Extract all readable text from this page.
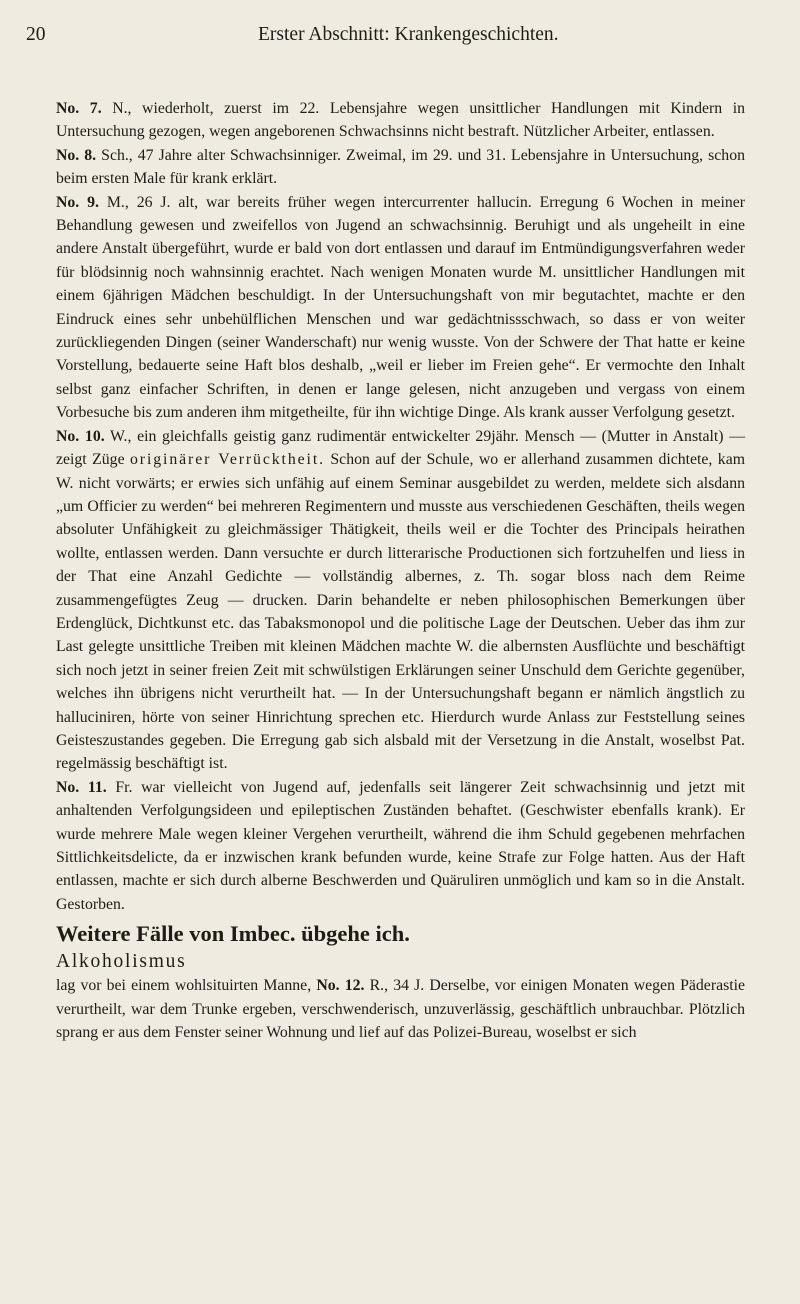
20	Erster Abschnitt: Krankengeschichten.

No. 7. N., wiederholt, zuerst im 22. Lebensjahre wegen unsittlicher Handlungen mit Kindern in Untersuchung gezogen, wegen angeborenen Schwachsinns nicht bestraft. Nützlicher Arbeiter, entlassen.

No. 8. Sch., 47 Jahre alter Schwachsinniger. Zweimal, im 29. und 31. Lebensjahre in Untersuchung, schon beim ersten Male für krank erklärt.

No. 9. M., 26 J. alt, war bereits früher wegen intercurrenter hallucin. Erregung 6 Wochen in meiner Behandlung gewesen und zweifellos von Jugend an schwachsinnig. Beruhigt und als ungeheilt in eine andere Anstalt übergeführt, wurde er bald von dort entlassen und darauf im Entmündigungsverfahren weder für blödsinnig noch wahnsinnig erachtet. Nach wenigen Monaten wurde M. unsittlicher Handlungen mit einem 6jährigen Mädchen beschuldigt. In der Untersuchungshaft von mir begutachtet, machte er den Eindruck eines sehr unbehülflichen Menschen und war gedächtnissschwach, so dass er von weiter zurückliegenden Dingen (seiner Wanderschaft) nur wenig wusste. Von der Schwere der That hatte er keine Vorstellung, bedauerte seine Haft blos deshalb, „weil er lieber im Freien gehe“. Er vermochte den Inhalt selbst ganz einfacher Schriften, in denen er lange gelesen, nicht anzugeben und vergass von einem Vorbesuche bis zum anderen ihm mitgetheilte, für ihn wichtige Dinge. Als krank ausser Verfolgung gesetzt.

No. 10. W., ein gleichfalls geistig ganz rudimentär entwickelter 29jähr. Mensch — (Mutter in Anstalt) — zeigt Züge originärer Verrücktheit. Schon auf der Schule, wo er allerhand zusammen dichtete, kam W. nicht vorwärts; er erwies sich unfähig auf einem Seminar ausgebildet zu werden, meldete sich alsdann „um Officier zu werden“ bei mehreren Regimentern und musste aus verschiedenen Geschäften, theils wegen absoluter Unfähigkeit zu gleichmässiger Thätigkeit, theils weil er die Tochter des Principals heirathen wollte, entlassen werden. Dann versuchte er durch litterarische Productionen sich fortzuhelfen und liess in der That eine Anzahl Gedichte — vollständig albernes, z. Th. sogar bloss nach dem Reime zusammengefügtes Zeug — drucken. Darin behandelte er neben philosophischen Bemerkungen über Erdenglück, Dichtkunst etc. das Tabaksmonopol und die politische Lage der Deutschen. Ueber das ihm zur Last gelegte unsittliche Treiben mit kleinen Mädchen machte W. die albernsten Ausflüchte und beschäftigt sich noch jetzt in seiner freien Zeit mit schwülstigen Erklärungen seiner Unschuld dem Gerichte gegenüber, welches ihn übrigens nicht verurtheilt hat. — In der Untersuchungshaft begann er nämlich ängstlich zu hallucinіren, hörte von seiner Hinrichtung sprechen etc. Hierdurch wurde Anlass zur Feststellung seines Geisteszustandes gegeben. Die Erregung gab sich alsbald mit der Versetzung in die Anstalt, woselbst Pat. regelmässig beschäftigt ist.

No. 11. Fr. war vielleicht von Jugend auf, jedenfalls seit längerer Zeit schwachsinnig und jetzt mit anhaltenden Verfolgungsideen und epileptischen Zuständen behaftet. (Geschwister ebenfalls krank). Er wurde mehrere Male wegen kleiner Vergehen verurtheilt, während die ihm Schuld gegebenen mehrfachen Sittlichkeitsdelicte, da er inzwischen krank befunden wurde, keine Strafe zur Folge hatten. Aus der Haft entlassen, machte er sich durch alberne Beschwerden und Quäruliren unmöglich und kam so in die Anstalt. Gestorben.

Weitere Fälle von Imbec. übgehe ich.
Alkoholismus

lag vor bei einem wohlsituirten Manne, No. 12. R., 34 J. Derselbe, vor einigen Monaten wegen Päderastie verurtheilt, war dem Trunke ergeben, verschwenderisch, unzuverlässig, geschäftlich unbrauchbar. Plötzlich sprang er aus dem Fenster seiner Wohnung und lief auf das Polizei-Bureau, woselbst er sich
